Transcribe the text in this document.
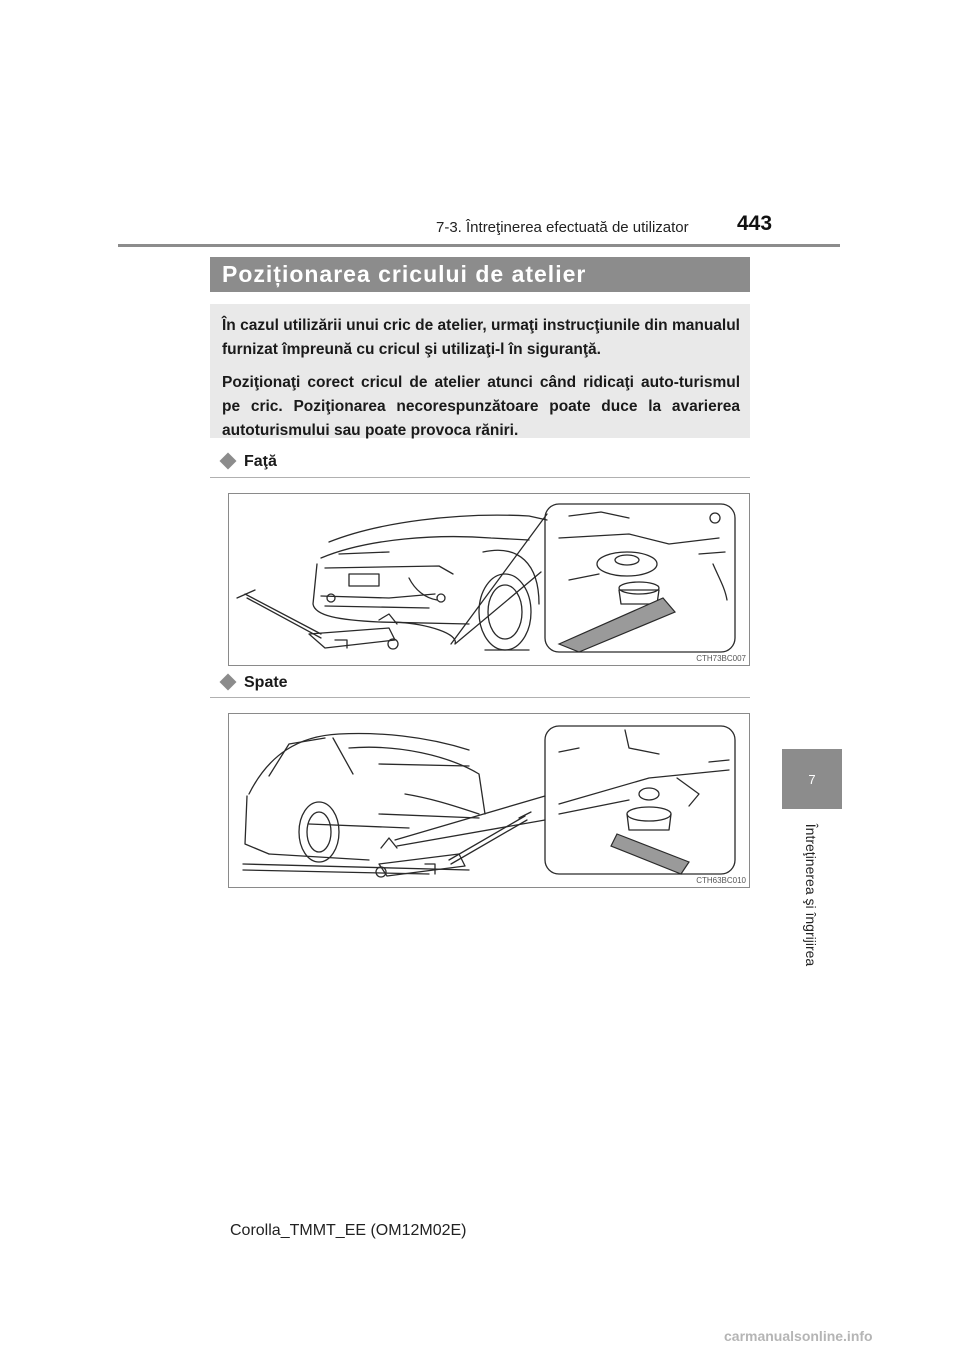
7-3. Întreţinerea efectuată de utilizator 443
7
Întreţinerea şi îngrijirea
Poziționarea cricului de atelier

În cazul utilizării unui cric de atelier, urmaţi instrucţiunile din manualul furnizat împreună cu cricul şi utilizaţi-l în siguranţă.

Poziţionaţi corect cricul de atelier atunci când ridicaţi auto-turismul pe cric. Poziţionarea necorespunzătoare poate duce la avarierea autoturismului sau poate provoca răniri.

Faţă
CTH73BC007
Spate
CTH63BC010
Corolla_TMMT_EE (OM12M02E)
carmanualsonline.info
